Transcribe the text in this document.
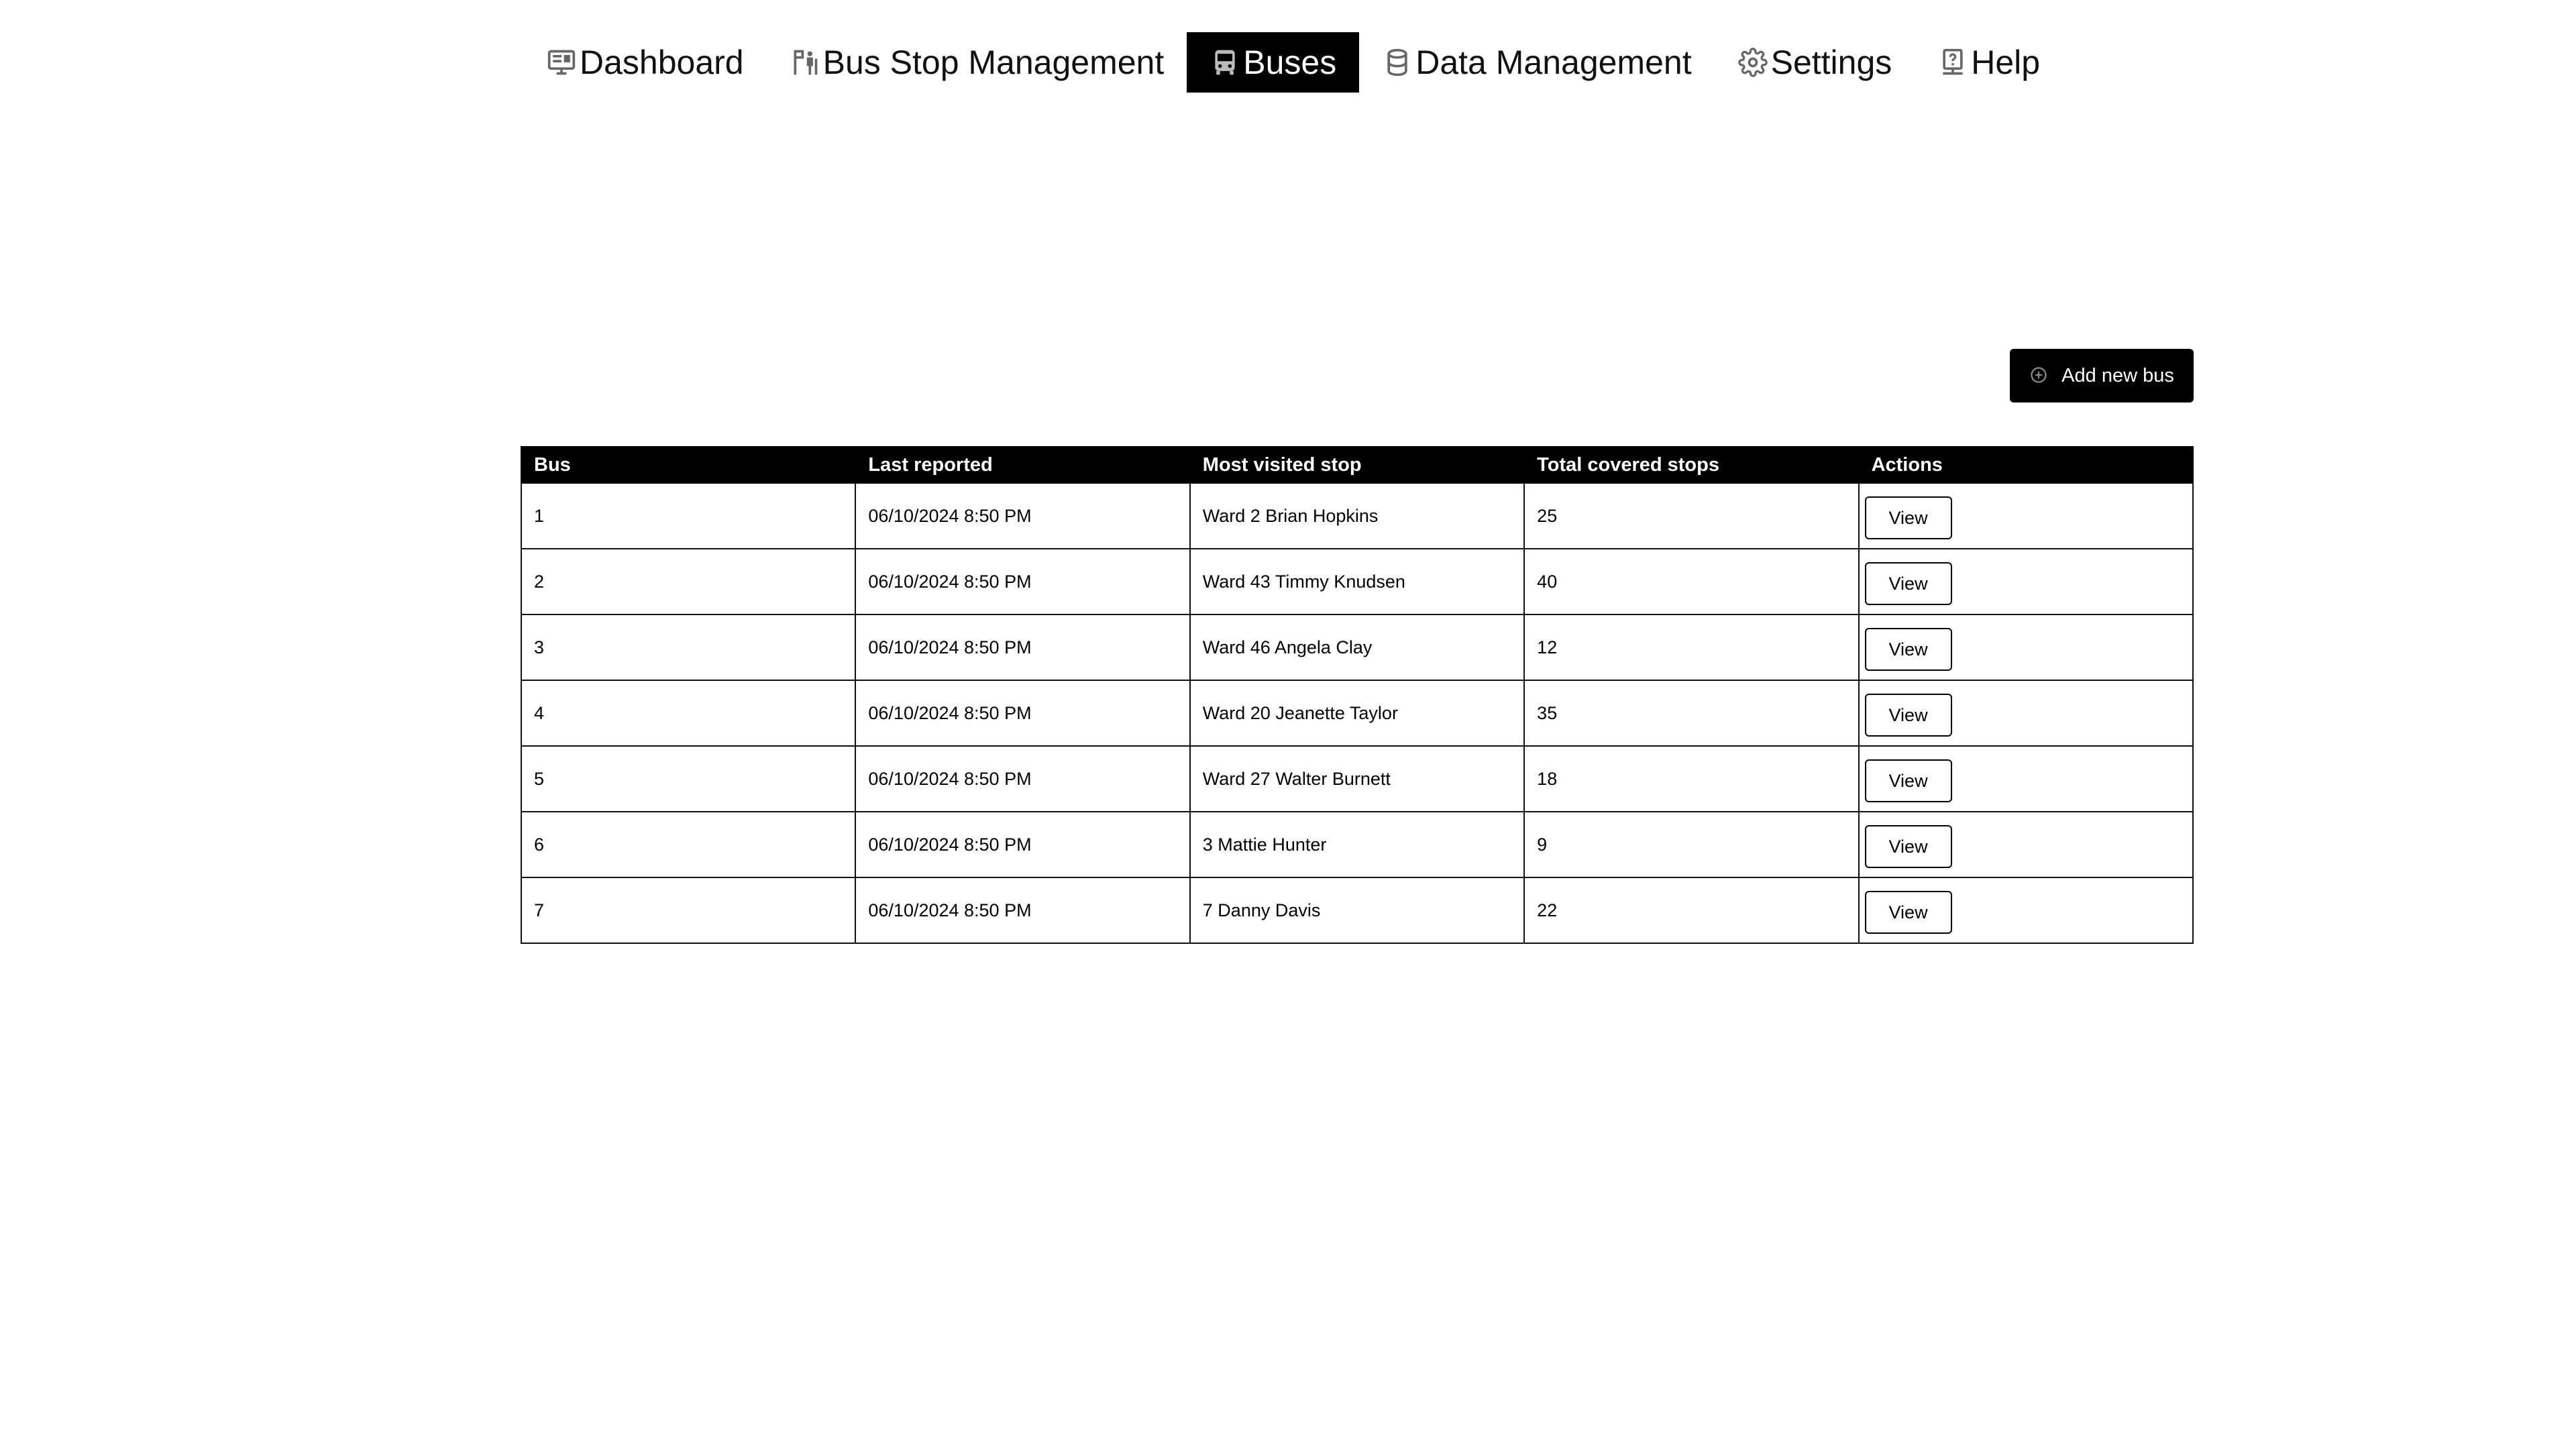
Dashboard Bus Stop Management Buses Data Management Settings Help
Add new bus
Bus	Last reported	Most visited stop	Total covered stops	Actions
1	06/10/2024 8:50 PM	Ward 2 Brian Hopkins	25	View
2	06/10/2024 8:50 PM	Ward 43 Timmy Knudsen	40	View
3	06/10/2024 8:50 PM	Ward 46 Angela Clay	12	View
4	06/10/2024 8:50 PM	Ward 20 Jeanette Taylor	35	View
5	06/10/2024 8:50 PM	Ward 27 Walter Burnett	18	View
6	06/10/2024 8:50 PM	3 Mattie Hunter	9	View
7	06/10/2024 8:50 PM	7 Danny Davis	22	View
